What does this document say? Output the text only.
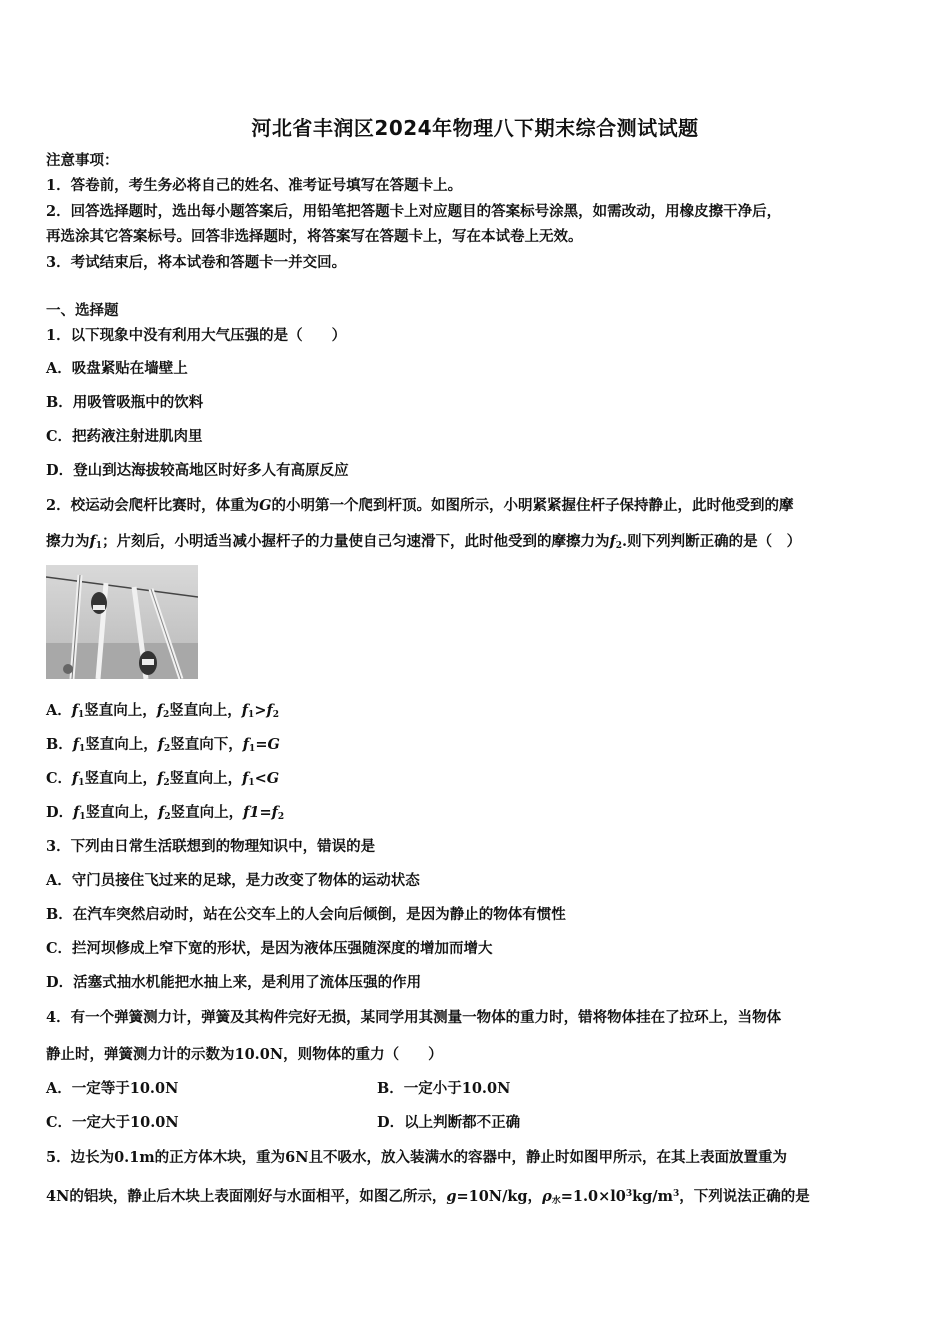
河北省丰润区2024年物理八下期末综合测试试题
注意事项：
1．答卷前，考生务必将自己的姓名、准考证号填写在答题卡上。
2．回答选择题时，选出每小题答案后，用铅笔把答题卡上对应题目的答案标号涂黑，如需改动，用橡皮擦干净后，
再选涂其它答案标号。回答非选择题时，将答案写在答题卡上，写在本试卷上无效。
3．考试结束后，将本试卷和答题卡一并交回。
一、选择题
1．以下现象中没有利用大气压强的是（　　）
A．吸盘紧贴在墙壁上
B．用吸管吸瓶中的饮料
C．把药液注射进肌肉里
D．登山到达海拔较高地区时好多人有高原反应
2．校运动会爬杆比赛时，体重为G的小明第一个爬到杆顶。如图所示，小明紧紧握住杆子保持静止，此时他受到的摩
擦力为$f_1$；片刻后，小明适当减小握杆子的力量使自己匀速滑下，此时他受到的摩擦力为$f_2$.则下列判断正确的是（　）
A．$f_1$竖直向上，$f_2$竖直向上，$f_1>f_2$
B．$f_1$竖直向上，$f_2$竖直向下，$f_1=G$
C．$f_1$竖直向上，$f_2$竖直向上，$f_1<G$
D．$f_1$竖直向上，$f_2$竖直向上，$f1=f_2$
3．下列由日常生活联想到的物理知识中，错误的是
A．守门员接住飞过来的足球，是力改变了物体的运动状态
B．在汽车突然启动时，站在公交车上的人会向后倾倒，是因为静止的物体有惯性
C．拦河坝修成上窄下宽的形状，是因为液体压强随深度的增加而增大
D．活塞式抽水机能把水抽上来，是利用了流体压强的作用
4．有一个弹簧测力计，弹簧及其构件完好无损，某同学用其测量一物体的重力时，错将物体挂在了拉环上，当物体
静止时，弹簧测力计的示数为10.0N，则物体的重力（　　）
A．一定等于10.0N	B．一定小于10.0N
C．一定大于10.0N	D．以上判断都不正确
5．边长为0.1m的正方体木块，重为6N且不吸水，放入装满水的容器中，静止时如图甲所示，在其上表面放置重为
4N的铝块，静止后木块上表面刚好与水面相平，如图乙所示，g=10N/kg，$\rho_水=1.0\times l0^3kg/m^3$，下列说法正确的是
